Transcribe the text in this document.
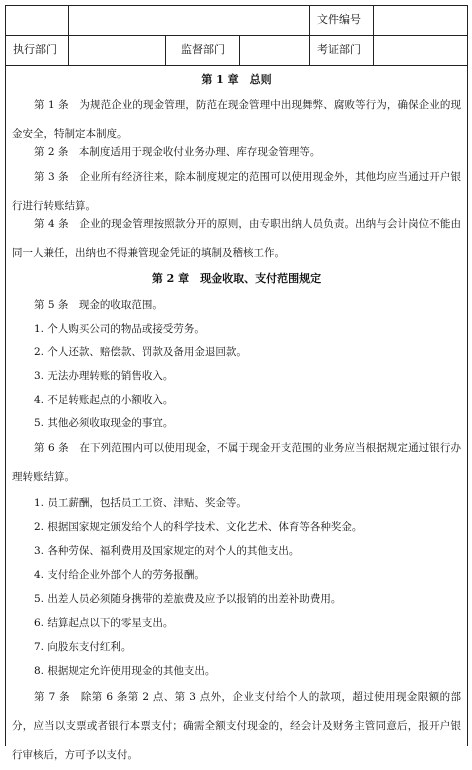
文件编号
执行部门	监督部门	考证部门
第 1 章　总则

第 1 条　为规范企业的现金管理，防范在现金管理中出现舞弊、腐败等行为，确保企业的现金安全，特制定本制度。

第 2 条　本制度适用于现金收付业务办理、库存现金管理等。

第 3 条　企业所有经济往来，除本制度规定的范围可以使用现金外，其他均应当通过开户银行进行转账结算。

第 4 条　企业的现金管理按照款分开的原则，由专职出纳人员负责。出纳与会计岗位不能由同一人兼任，出纳也不得兼管现金凭证的填制及稽核工作。

第 2 章　现金收取、支付范围规定

第 5 条　现金的收取范围。

1. 个人购买公司的物品或接受劳务。
2. 个人还款、赔偿款、罚款及备用金退回款。
3. 无法办理转账的销售收入。
4. 不足转账起点的小额收入。
5. 其他必须收取现金的事宜。

第 6 条　在下列范围内可以使用现金，不属于现金开支范围的业务应当根据规定通过银行办理转账结算。

1. 员工薪酬，包括员工工资、津贴、奖金等。
2. 根据国家规定颁发给个人的科学技术、文化艺术、体育等各种奖金。
3. 各种劳保、福利费用及国家规定的对个人的其他支出。
4. 支付给企业外部个人的劳务报酬。
5. 出差人员必须随身携带的差旅费及应予以报销的出差补助费用。
6. 结算起点以下的零星支出。
7. 向股东支付红利。
8. 根据规定允许使用现金的其他支出。

第 7 条　除第 6 条第 2 点、第 3 点外，企业支付给个人的款项，超过使用现金限额的部分，应当以支票或者银行本票支付；确需全额支付现金的，经会计及财务主管同意后，报开户银行审核后，方可予以支付。
